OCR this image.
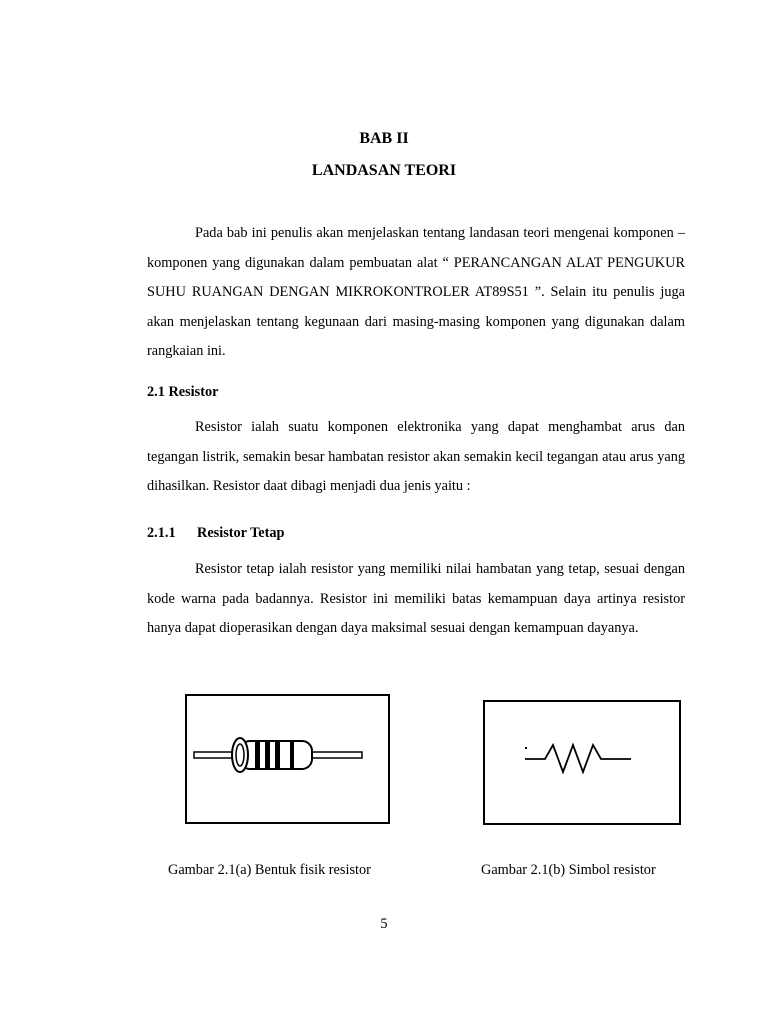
BAB II
LANDASAN TEORI

Pada bab ini penulis akan menjelaskan tentang landasan teori mengenai komponen – komponen yang digunakan dalam pembuatan alat “ PERANCANGAN ALAT PENGUKUR SUHU RUANGAN DENGAN MIKROKONTROLER AT89S51 ”. Selain itu penulis juga akan menjelaskan tentang kegunaan dari masing-masing komponen yang digunakan dalam rangkaian ini.

2.1 Resistor

Resistor ialah suatu komponen elektronika yang dapat menghambat arus dan tegangan listrik, semakin besar hambatan resistor akan semakin kecil tegangan atau arus yang dihasilkan. Resistor daat dibagi menjadi dua jenis yaitu :

2.1.1 Resistor Tetap

Resistor tetap ialah resistor yang memiliki nilai hambatan yang tetap, sesuai dengan kode warna pada badannya. Resistor ini memiliki batas kemampuan daya artinya resistor hanya dapat dioperasikan dengan daya maksimal sesuai dengan kemampuan dayanya.

Gambar 2.1(a) Bentuk fisik resistor	Gambar 2.1(b) Simbol resistor
5
